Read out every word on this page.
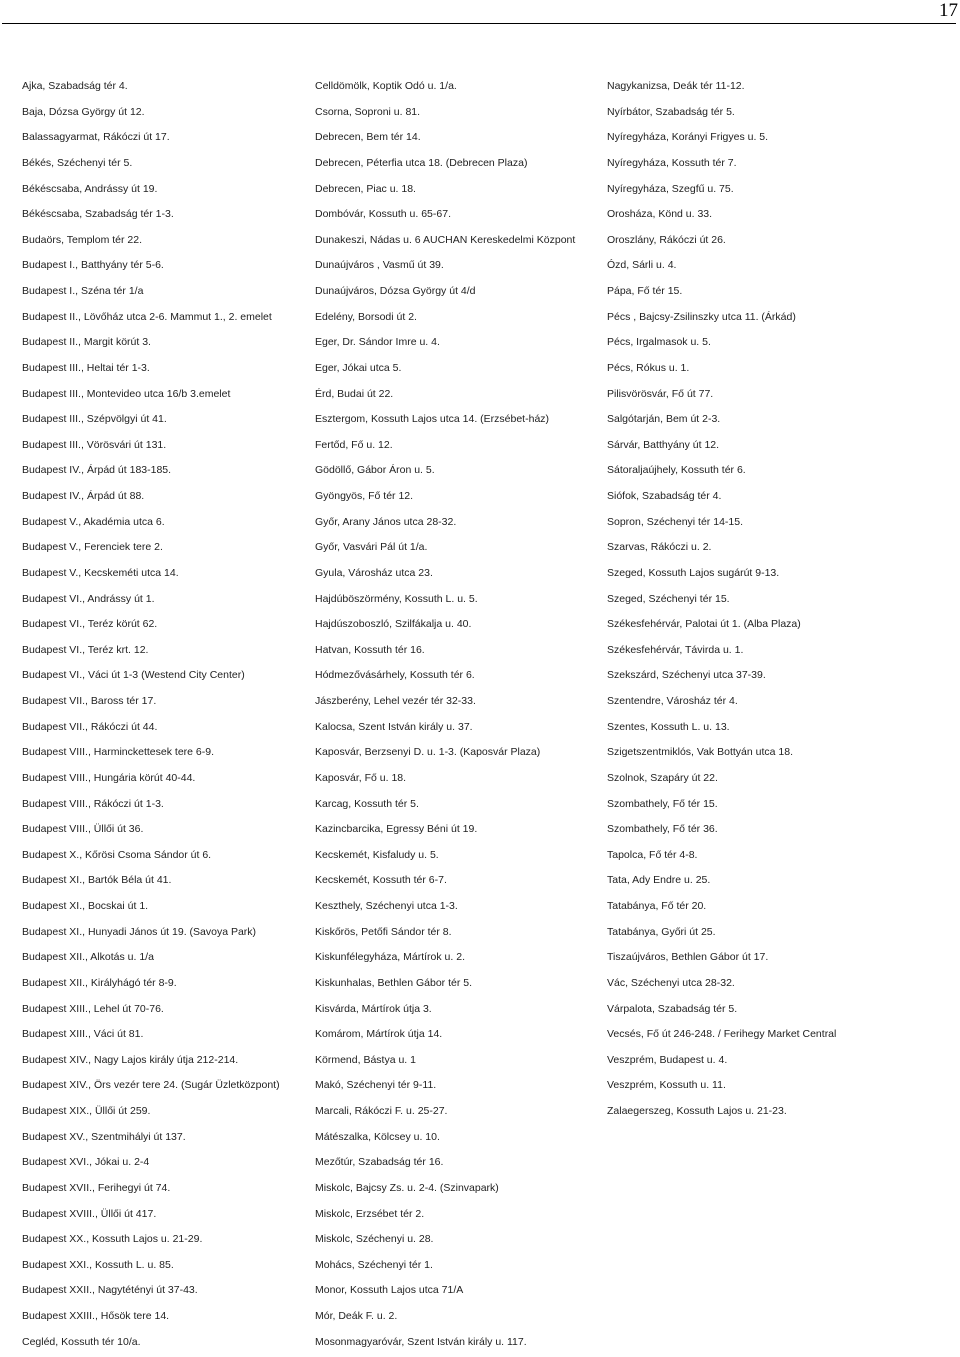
17
Ajka, Szabadság tér 4.
Baja, Dózsa György út 12.
Balassagyarmat, Rákóczi út 17.
Békés, Széchenyi tér 5.
Békéscsaba, Andrássy út 19.
Békéscsaba, Szabadság tér 1-3.
Budaörs, Templom tér 22.
Budapest I., Batthyány tér 5-6.
Budapest I., Széna tér 1/a
Budapest II., Lövőház utca 2-6. Mammut 1., 2. emelet
Budapest II., Margit körút 3.
Budapest III., Heltai tér 1-3.
Budapest III., Montevideo utca 16/b 3.emelet
Budapest III., Szépvölgyi út 41.
Budapest III., Vörösvári út 131.
Budapest IV., Árpád út 183-185.
Budapest IV., Árpád út 88.
Budapest V., Akadémia utca 6.
Budapest V., Ferenciek tere 2.
Budapest V., Kecskeméti utca 14.
Budapest VI., Andrássy út 1.
Budapest VI., Teréz körút 62.
Budapest VI., Teréz krt. 12.
Budapest VI., Váci út 1-3 (Westend City Center)
Budapest VII., Baross tér 17.
Budapest VII., Rákóczi út 44.
Budapest VIII., Harminckettesek tere 6-9.
Budapest VIII., Hungária körút 40-44.
Budapest VIII., Rákóczi út 1-3.
Budapest VIII., Üllői út 36.
Budapest X., Kőrösi Csoma Sándor út 6.
Budapest XI., Bartók Béla út 41.
Budapest XI., Bocskai út 1.
Budapest XI., Hunyadi János út 19. (Savoya Park)
Budapest XII., Alkotás u. 1/a
Budapest XII., Királyhágó tér 8-9.
Budapest XIII., Lehel út 70-76.
Budapest XIII., Váci út 81.
Budapest XIV., Nagy Lajos király útja 212-214.
Budapest XIV., Örs vezér tere 24. (Sugár Üzletközpont)
Budapest XIX., Üllői út 259.
Budapest XV., Szentmihályi út 137.
Budapest XVI., Jókai u. 2-4
Budapest XVII., Ferihegyi út 74.
Budapest XVIII., Üllői út 417.
Budapest XX., Kossuth Lajos u. 21-29.
Budapest XXI., Kossuth L. u. 85.
Budapest XXII., Nagytétényi út 37-43.
Budapest XXIII., Hősök tere 14.
Cegléd, Kossuth tér 10/a.
Celldömölk, Koptik Odó u. 1/a.
Csorna, Soproni u. 81.
Debrecen, Bem tér 14.
Debrecen, Péterfia utca 18. (Debrecen Plaza)
Debrecen, Piac u. 18.
Dombóvár, Kossuth u. 65-67.
Dunakeszi, Nádas u. 6 AUCHAN Kereskedelmi Központ
Dunaújváros , Vasmű út 39.
Dunaújváros, Dózsa György út 4/d
Edelény, Borsodi út 2.
Eger, Dr. Sándor Imre u. 4.
Eger, Jókai utca 5.
Érd, Budai út 22.
Esztergom, Kossuth Lajos utca 14. (Erzsébet-ház)
Fertőd, Fő u. 12.
Gödöllő, Gábor Áron u. 5.
Gyöngyös, Fő tér 12.
Győr, Arany János utca 28-32.
Győr, Vasvári Pál út 1/a.
Gyula, Városház utca 23.
Hajdúböszörmény, Kossuth L. u. 5.
Hajdúszoboszló, Szilfákalja u. 40.
Hatvan, Kossuth tér 16.
Hódmezővásárhely, Kossuth tér 6.
Jászberény, Lehel vezér tér 32-33.
Kalocsa, Szent István király u. 37.
Kaposvár, Berzsenyi D. u. 1-3. (Kaposvár Plaza)
Kaposvár, Fő u. 18.
Karcag, Kossuth tér 5.
Kazincbarcika, Egressy Béni út 19.
Kecskemét, Kisfaludy u. 5.
Kecskemét, Kossuth tér 6-7.
Keszthely, Széchenyi utca 1-3.
Kiskőrös, Petőfi Sándor tér 8.
Kiskunfélegyháza, Mártírok u. 2.
Kiskunhalas, Bethlen Gábor tér 5.
Kisvárda, Mártírok útja 3.
Komárom, Mártírok útja 14.
Körmend, Bástya u. 1
Makó, Széchenyi tér 9-11.
Marcali, Rákóczi F. u. 25-27.
Mátészalka, Kölcsey u. 10.
Mezőtúr, Szabadság tér 16.
Miskolc, Bajcsy Zs. u. 2-4. (Szinvapark)
Miskolc, Erzsébet tér 2.
Miskolc, Széchenyi u. 28.
Mohács, Széchenyi tér 1.
Monor, Kossuth Lajos utca 71/A
Mór, Deák F. u. 2.
Mosonmagyaróvár, Szent István király u. 117.
Nagykanizsa, Deák tér 11-12.
Nyírbátor, Szabadság tér 5.
Nyíregyháza, Korányi Frigyes u. 5.
Nyíregyháza, Kossuth tér 7.
Nyíregyháza, Szegfű u. 75.
Orosháza, Könd u. 33.
Oroszlány, Rákóczi út 26.
Ózd, Sárli u. 4.
Pápa, Fő tér 15.
Pécs , Bajcsy-Zsilinszky utca 11. (Árkád)
Pécs, Irgalmasok u. 5.
Pécs, Rókus u. 1.
Pilisvörösvár, Fő út 77.
Salgótarján, Bem út 2-3.
Sárvár, Batthyány út 12.
Sátoraljaújhely, Kossuth tér 6.
Siófok, Szabadság tér 4.
Sopron, Széchenyi tér 14-15.
Szarvas, Rákóczi u. 2.
Szeged, Kossuth Lajos sugárút 9-13.
Szeged, Széchenyi tér 15.
Székesfehérvár, Palotai út 1. (Alba Plaza)
Székesfehérvár, Távirda u. 1.
Szekszárd, Széchenyi utca 37-39.
Szentendre, Városház tér 4.
Szentes, Kossuth L. u. 13.
Szigetszentmiklós, Vak Bottyán utca 18.
Szolnok, Szapáry út 22.
Szombathely, Fő tér 15.
Szombathely, Fő tér 36.
Tapolca, Fő tér 4-8.
Tata, Ady Endre u. 25.
Tatabánya, Fő tér 20.
Tatabánya, Győri út 25.
Tiszaújváros, Bethlen Gábor út 17.
Vác, Széchenyi utca 28-32.
Várpalota, Szabadság tér 5.
Vecsés, Fő út 246-248. / Ferihegy Market Central
Veszprém, Budapest u. 4.
Veszprém, Kossuth u. 11.
Zalaegerszeg, Kossuth Lajos u. 21-23.
